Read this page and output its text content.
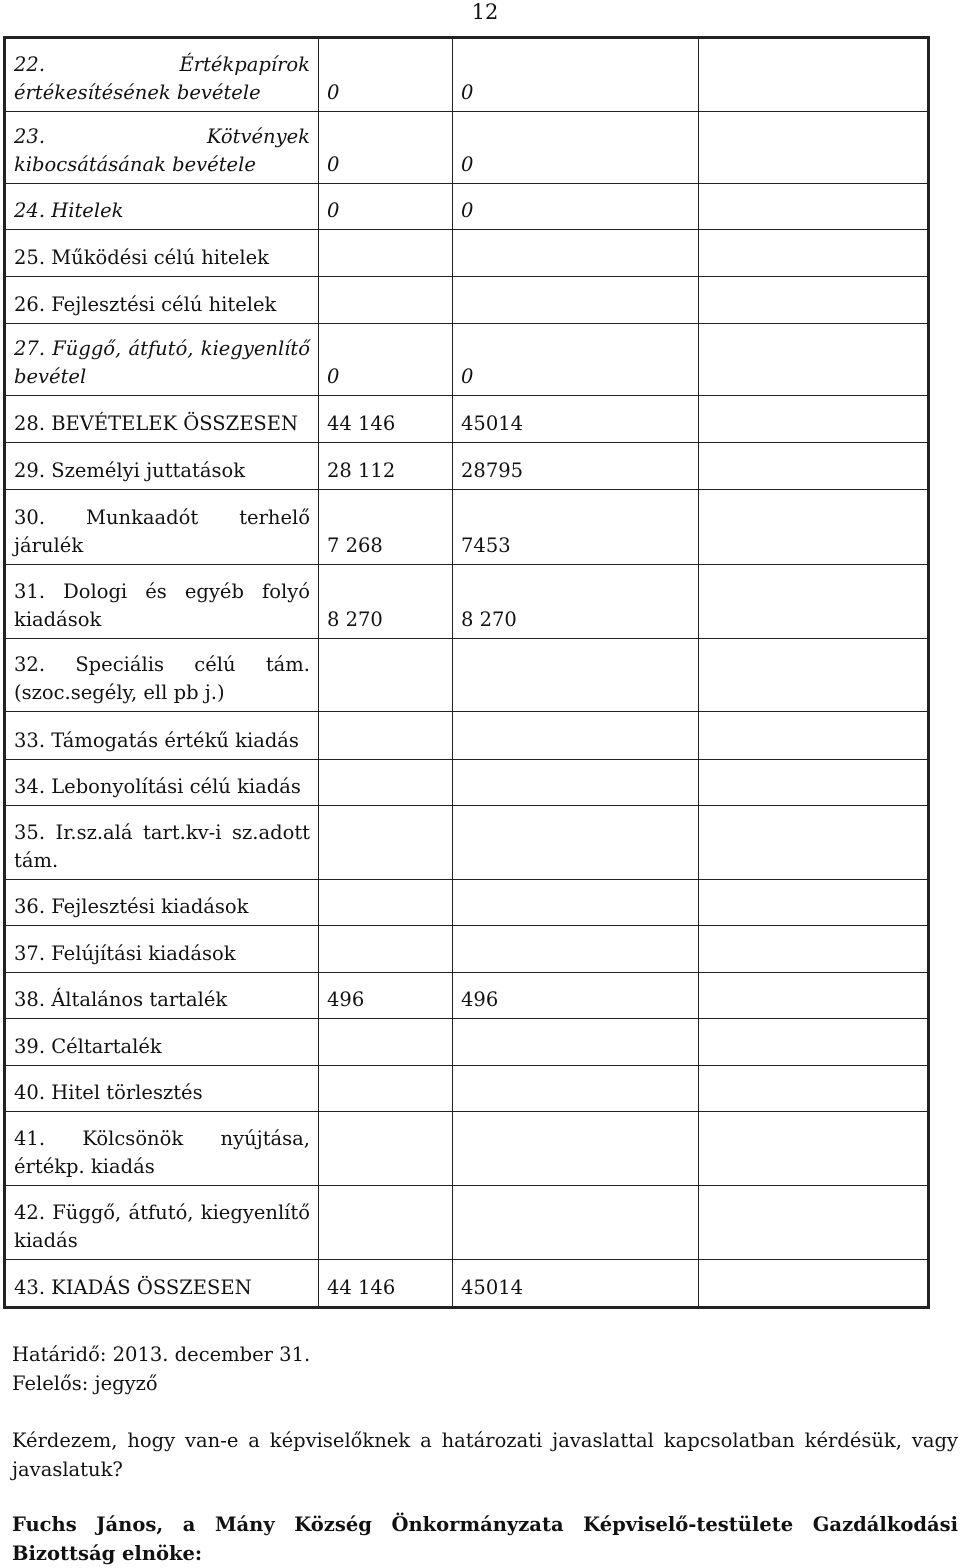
12
22. Értékpapírok értékesítésének bevétele	0	0	

23. Kötvények kibocsátásának bevétele	0	0	

24. Hitelek	0	0	

25. Működési célú hitelek			

26. Fejlesztési célú hitelek			

27. Függő, átfutó, kiegyenlítő bevétel	0	0	

28. BEVÉTELEK ÖSSZESEN	44 146	45014	

29. Személyi juttatások	28 112	28795	

30. Munkaadót terhelő járulék	7 268	7453	

31. Dologi és egyéb folyó kiadások	8 270	8 270	

32. Speciális célú tám. (szoc.segély, ell pb j.)			

33. Támogatás értékű kiadás			

34. Lebonyolítási célú kiadás			

35. Ir.sz.alá tart.kv-i sz.adott tám.			

36. Fejlesztési kiadások			

37. Felújítási kiadások			

38. Általános tartalék	496	496	

39. Céltartalék			

40. Hitel törlesztés			

41. Kölcsönök nyújtása, értékp. kiadás			

42. Függő, átfutó, kiegyenlítő kiadás			

43. KIADÁS ÖSSZESEN	44 146	45014	
Határidő: 2013. december 31.
Felelős: jegyző
Kérdezem, hogy van-e a képviselőknek a határozati javaslattal kapcsolatban kérdésük, vagy javaslatuk?
Fuchs János, a Mány Község Önkormányzata Képviselő-testülete Gazdálkodási Bizottság elnöke:
